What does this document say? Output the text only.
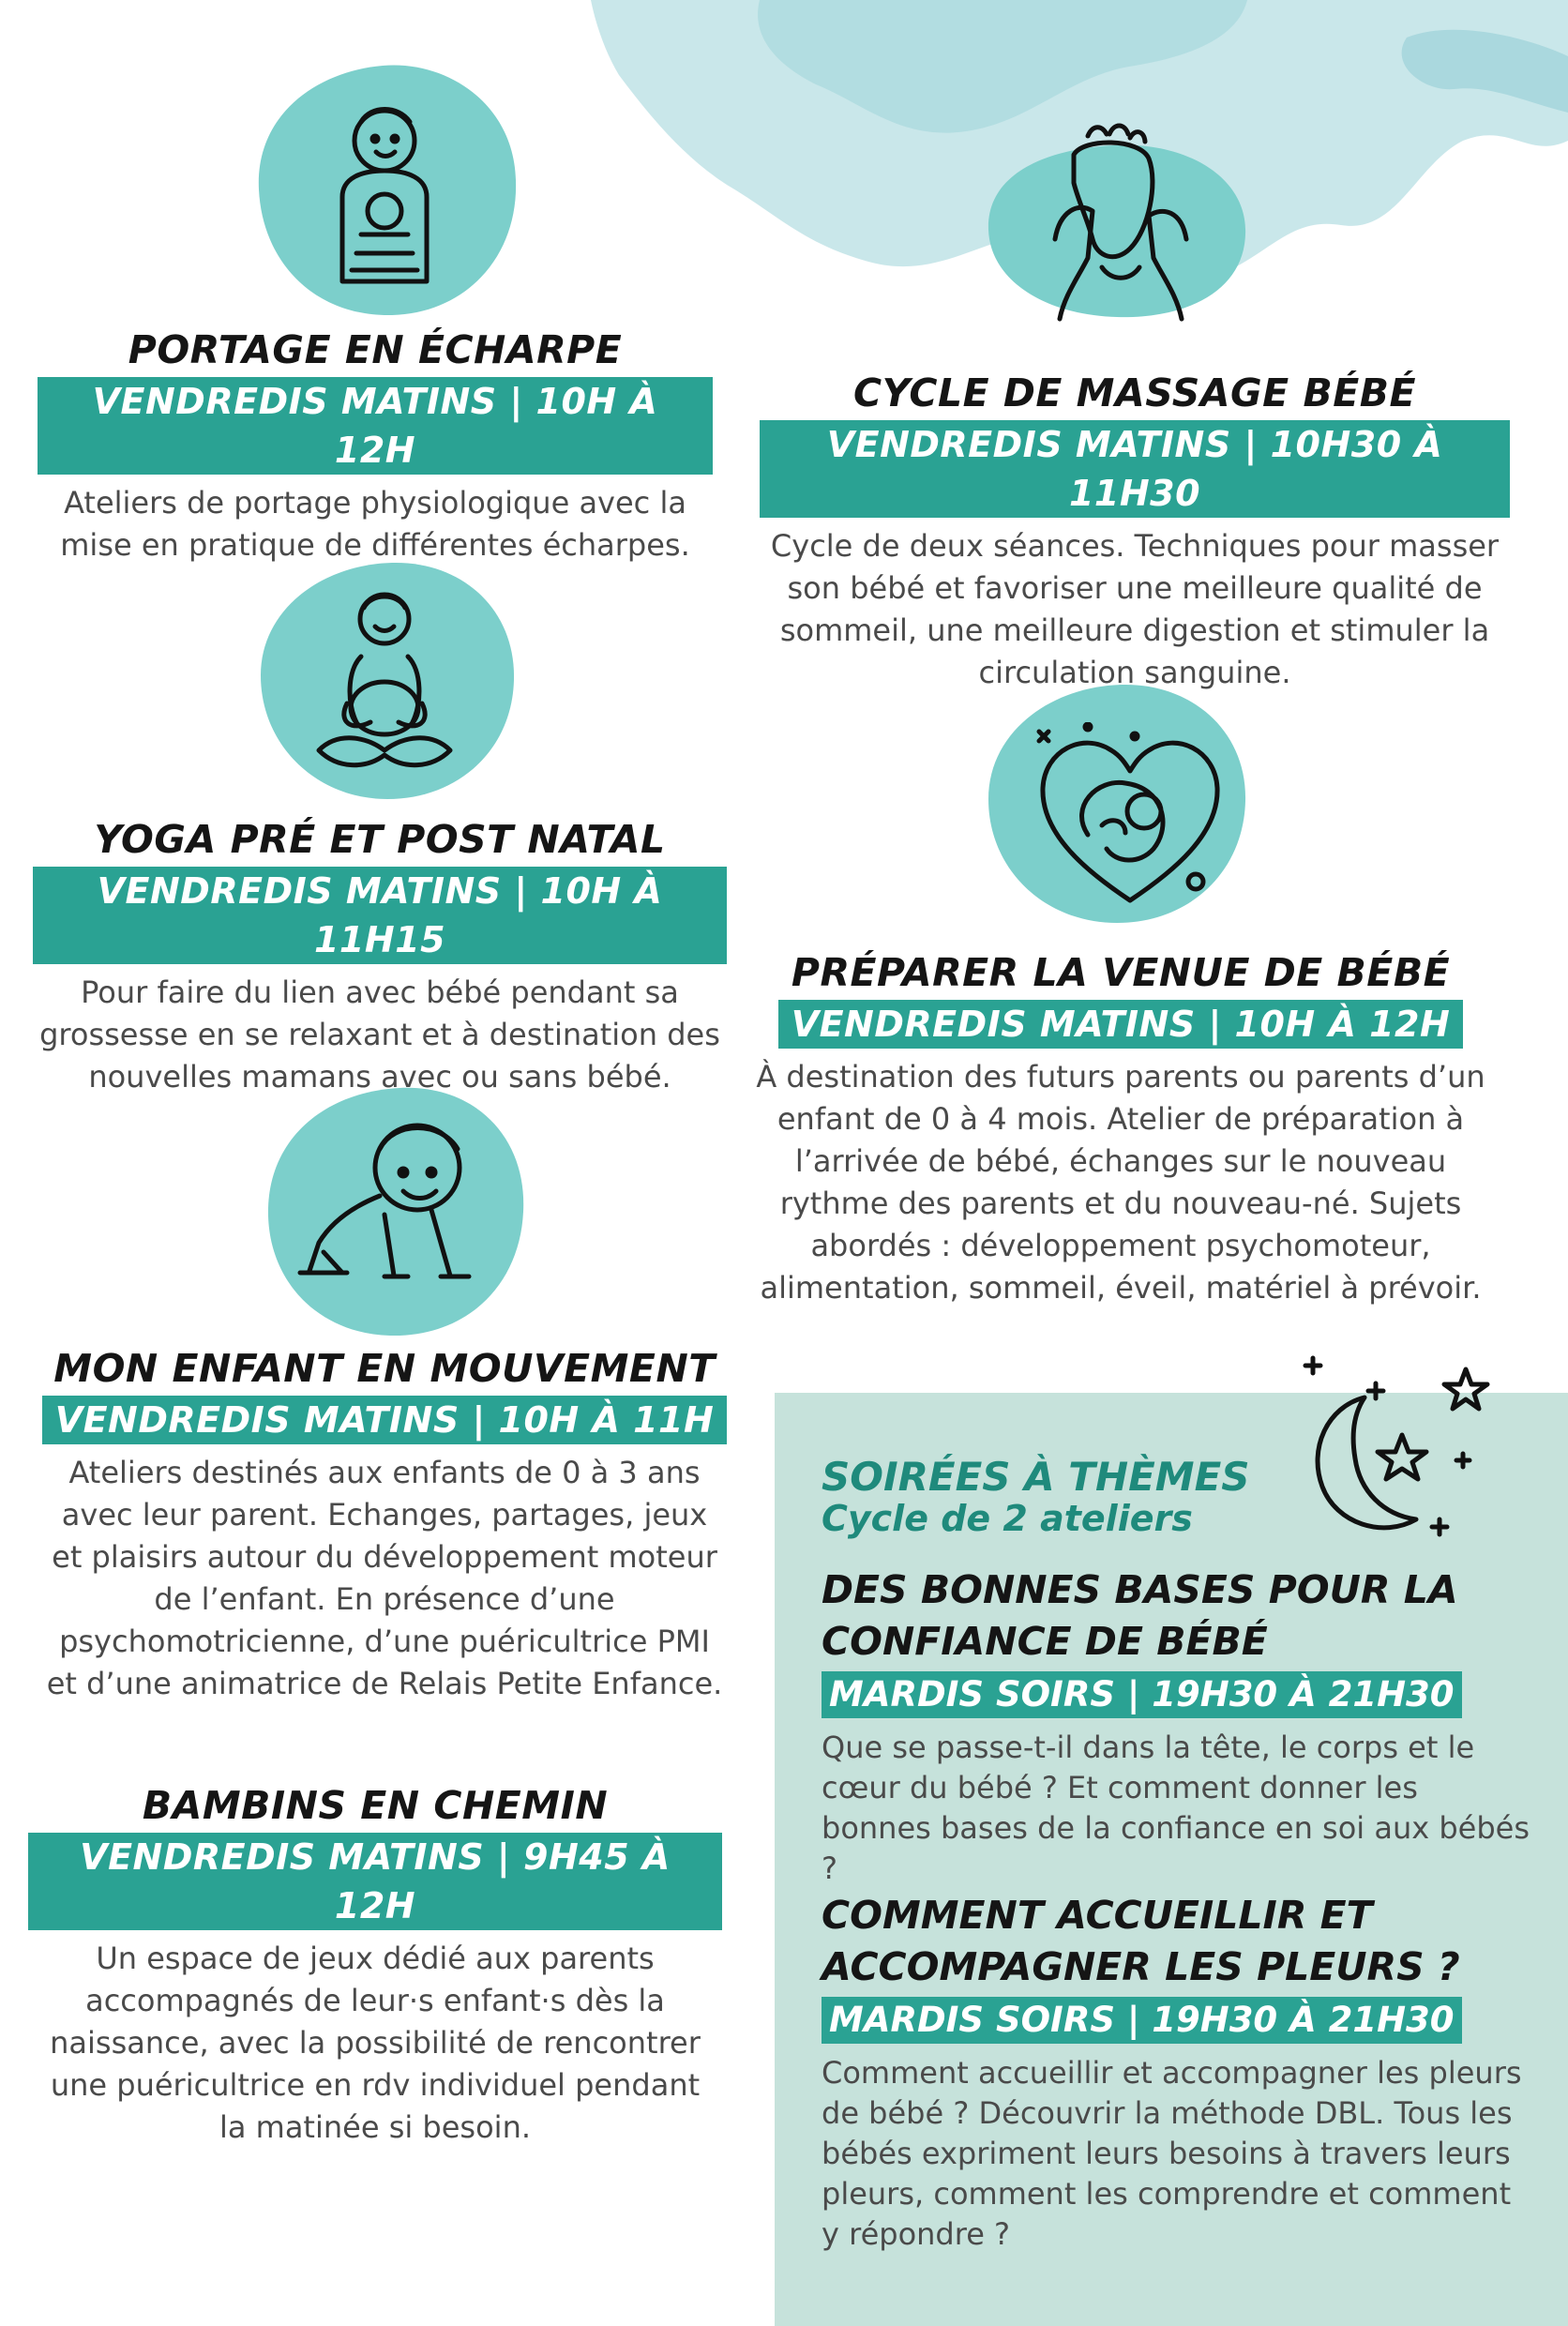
PORTAGE EN ÉCHARPE
VENDREDIS MATINS | 10H À 12H
Ateliers de portage physiologique avec la mise en pratique de différentes écharpes.
CYCLE DE MASSAGE BÉBÉ
VENDREDIS MATINS | 10H30 À 11H30
Cycle de deux séances. Techniques pour masser son bébé et favoriser une meilleure qualité de sommeil, une meilleure digestion et stimuler la circulation sanguine.
YOGA PRÉ ET POST NATAL
VENDREDIS MATINS | 10H À 11H15
Pour faire du lien avec bébé pendant sa grossesse en se relaxant et à destination des nouvelles mamans avec ou sans bébé.
PRÉPARER LA VENUE DE BÉBÉ
VENDREDIS MATINS | 10H À 12H
À destination des futurs parents ou parents d’un enfant de 0 à 4 mois. Atelier de préparation à l’arrivée de bébé, échanges sur le nouveau rythme des parents et du nouveau-né. Sujets abordés : développement psychomoteur, alimentation, sommeil, éveil, matériel à prévoir.
MON ENFANT EN MOUVEMENT
VENDREDIS MATINS | 10H À 11H
Ateliers destinés aux enfants de 0 à 3 ans avec leur parent. Echanges, partages, jeux et plaisirs autour du développement moteur de l’enfant. En présence d’une psychomotricienne, d’une puéricultrice PMI et d’une animatrice de Relais Petite Enfance.
BAMBINS EN CHEMIN
VENDREDIS MATINS | 9H45 À 12H
Un espace de jeux dédié aux parents accompagnés de leur·s enfant·s dès la naissance, avec la possibilité de rencontrer une puéricultrice en rdv individuel pendant la matinée si besoin.
SOIRÉES À THÈMES
Cycle de 2 ateliers
DES BONNES BASES POUR LA
CONFIANCE DE BÉBÉ
MARDIS SOIRS | 19H30 À 21H30
Que se passe-t-il dans la tête, le corps et le cœur du bébé ? Et comment donner les bonnes bases de la confiance en soi aux bébés ?
COMMENT ACCUEILLIR ET
ACCOMPAGNER LES PLEURS ?
MARDIS SOIRS | 19H30 À 21H30
Comment accueillir et accompagner les pleurs de bébé ? Découvrir la méthode DBL. Tous les bébés expriment leurs besoins à travers leurs pleurs, comment les comprendre et comment y répondre ?
